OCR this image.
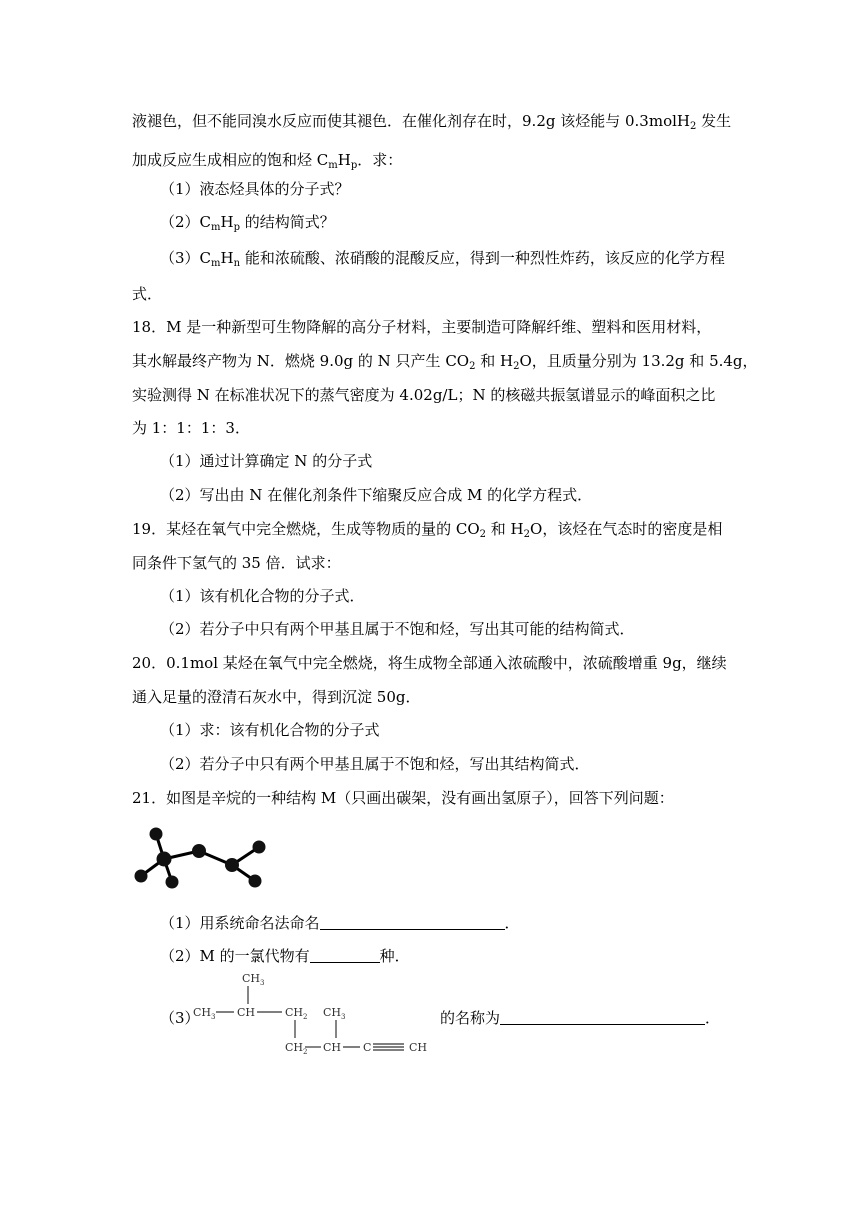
液褪色，但不能同溴水反应而使其褪色．在催化剂存在时，9.2g 该烃能与 0.3molH$_2$ 发生
加成反应生成相应的饱和烃 $C_mH_p$．求：
（1）液态烃具体的分子式？
$(2)C_mH_p$ 的结构简式？
$(3)C_mH_n$ 能和浓硫酸、浓硝酸的混酸反应，得到一种烈性炸药，该反应的化学方程
式．
18．M 是一种新型可生物降解的高分子材料，主要制造可降解纤维、塑料和医用材料，
其水解最终产物为 N．燃烧 9.0g 的 N 只产生 $CO_2$ 和 $H_2O$，且质量分别为 13.2g 和 5.4g，
实验测得 N 在标准状况下的蒸气密度为 4.02g/L；N 的核磁共振氢谱显示的峰面积之比
为 1：1：1：3．
（1）通过计算确定 N 的分子式
（2）写出由 N 在催化剂条件下缩聚反应合成 M 的化学方程式．
19．某烃在氧气中完全燃烧，生成等物质的量的 $CO_2$ 和 $H_2O$，该烃在气态时的密度是相
同条件下氢气的 35 倍．试求：
（1）该有机化合物的分子式．
（2）若分子中只有两个甲基且属于不饱和烃，写出其可能的结构简式．
20．0.1mol 某烃在氧气中完全燃烧，将生成物全部通入浓硫酸中，浓硫酸增重 9g，继续
通入足量的澄清石灰水中，得到沉淀 50g．
（1）求：该有机化合物的分子式
（2）若分子中只有两个甲基且属于不饱和烃，写出其结构简式．
21．如图是辛烷的一种结构 M（只画出碳架，没有画出氢原子），回答下列问题：
（1）用系统命名法命名	．
（2）M 的一氯代物有	种．
（3）
$CH_3$
$CH_3$ CH	$CH_2$ $CH_3$
$CH_2$ CH C	CH
的名称为	．
